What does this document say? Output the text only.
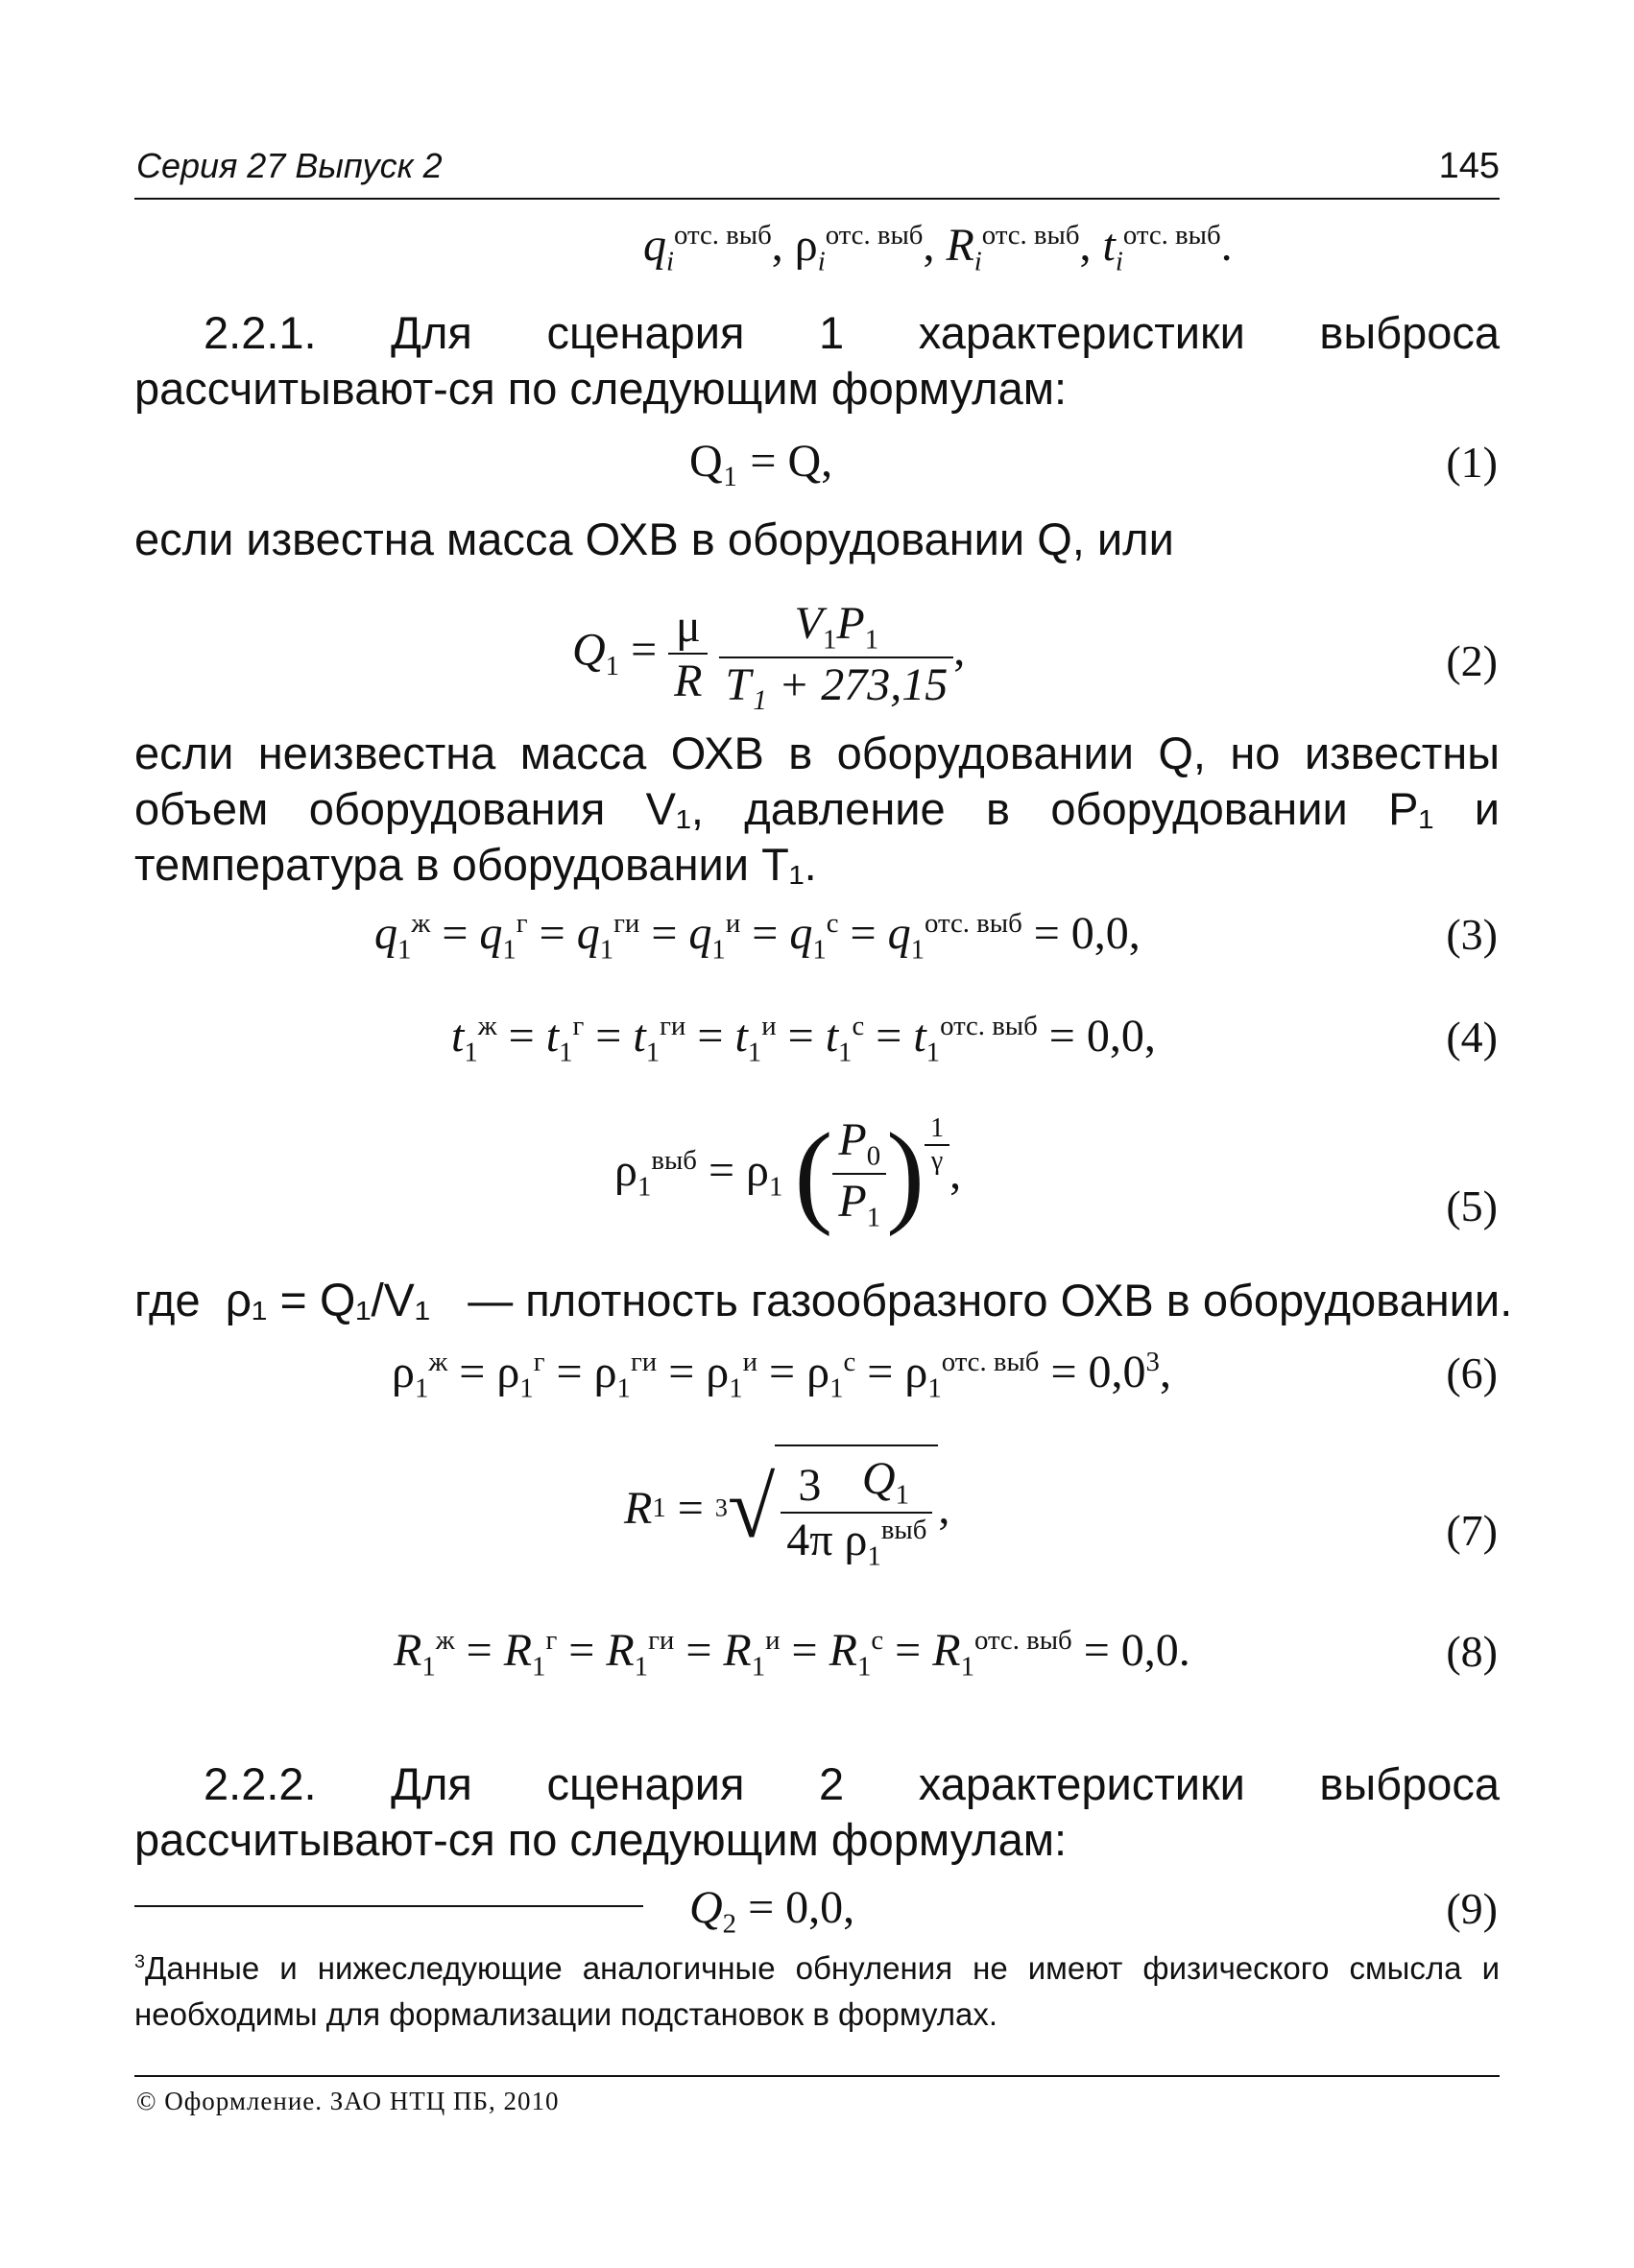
Серия 27 Выпуск 2	145
$q_i^{отс. выб}$, $\rho_i^{отс. выб}$, $R_i^{отс. выб}$, $t_i^{отс. выб}$.
2.2.1. Для сценария 1 характеристики выброса рассчитывают-ся по следующим формулам:
Q₁ = Q,	(1)
если известна масса ОХВ в оборудовании Q, или
$Q_1 = \frac{\mu}{R}$
$\frac{V_1P_1}{\text{T₁ + 273,15}}$ ,	(2)
если неизвестна масса ОХВ в оборудовании Q, но известны объем оборудования V₁, давление в оборудовании P₁ и температура в оборудовании T₁.
$q_1^ж = q_1^г = q_1^{ги} = q_1^и = q_1^с = q_1^{отс. выб} = 0,0$,	(3)
$t_1^ж = t_1^г = t_1^{ги} = t_1^и = t_1^с = t_1^{отс. выб} = 0,0$,	(4)
$\rho_1^{выб} = \rho_1$ ( $\frac{P_0}{P_1}$ ) $\frac{1}{\gamma}$ ,
(5)
где ρ₁ = Q₁/V₁ — плотность газообразного ОХВ в оборудовании.
$\rho_1^ж = \rho_1^г = \rho_1^{ги} = \rho_1^и = \rho_1^с = \rho_1^{отс. выб} = 0,0^3$,	(6)
$R1 = 3√ \frac{3}{4\pi} \frac{Q_1}{\rho_1^{выб}}$ ,	(7)
$R_1^ж = R_1^г = R_1^{ги} = R_1^и = R_1^с = R_1^{отс. выб} = 0,0$.	(8)
2.2.2. Для сценария 2 характеристики выброса рассчитывают-ся по следующим формулам:
$Q_2 = 0,0$,	(9)
$^3$Данные и нижеследующие аналогичные обнуления не имеют физического смысла и необходимы для формализации подстановок в формулах.
© Оформление. ЗАО НТЦ ПБ, 2010
